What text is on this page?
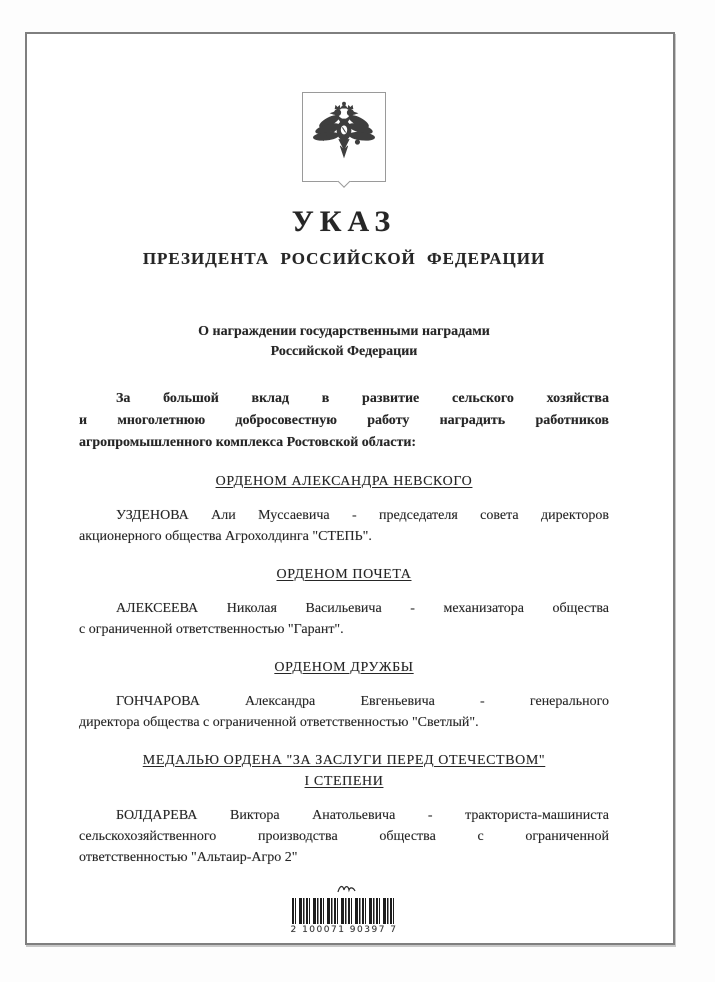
УКАЗ
ПРЕЗИДЕНТА РОССИЙСКОЙ ФЕДЕРАЦИИ
О награждении государственными наградами
Российской Федерации
За большой вклад в развитие сельского хозяйства
и многолетнюю добросовестную работу наградить работников
агропромышленного комплекса Ростовской области:
ОРДЕНОМ АЛЕКСАНДРА НЕВСКОГО
УЗДЕНОВА Али Муссаевича - председателя совета директоров
акционерного общества Агрохолдинга "СТЕПЬ".
ОРДЕНОМ ПОЧЕТА
АЛЕКСЕЕВА Николая Васильевича - механизатора общества
с ограниченной ответственностью "Гарант".
ОРДЕНОМ ДРУЖБЫ
ГОНЧАРОВА Александра Евгеньевича - генерального
директора общества с ограниченной ответственностью "Светлый".
МЕДАЛЬЮ ОРДЕНА "ЗА ЗАСЛУГИ ПЕРЕД ОТЕЧЕСТВОМ"
I СТЕПЕНИ
БОЛДАРЕВА Виктора Анатольевича - тракториста-машиниста
сельскохозяйственного производства общества с ограниченной
ответственностью "Альтаир-Агро 2"
2 100071 90397 7
